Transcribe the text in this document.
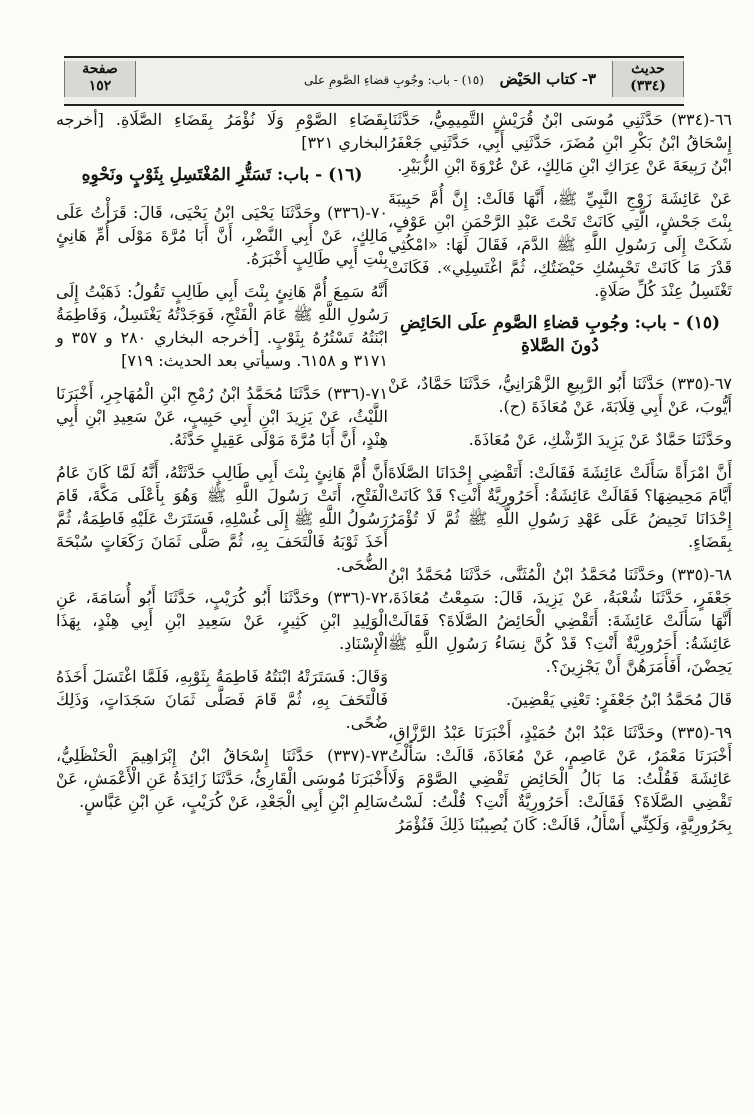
حديث
(٣٣٤)
٣- كتاب الحَيْض   (١٥) - باب: وجُوبِ قضاءِ الصَّومِ على
صفحة
١٥٢

٦٦-(٣٣٤) حَدَّثَنِي مُوسَى ابْنُ قُرَيْشٍ التَّمِيمِيُّ، حَدَّثَنَا إِسْحَاقُ ابْنُ بَكْرِ ابْنِ مُضَرَ، حَدَّثَنِي أَبِي، حَدَّثَنِي جَعْفَرُ ابْنُ رَبِيعَةَ عَنْ عِرَاكِ ابْنِ مَالِكٍ، عَنْ عُرْوَةَ ابْنِ الزُّبَيْرِ.

عَنْ عَائِشَةَ زَوْجِ النَّبِيِّ ﷺ، أَنَّهَا قَالَتْ: إِنَّ أُمَّ حَبِيبَةَ بِنْتَ جَحْشٍ، الَّتِي كَانَتْ تَحْتَ عَبْدِ الرَّحْمَنِ ابْنِ عَوْفٍ، شَكَتْ إِلَى رَسُولِ اللَّهِ ﷺ الدَّمَ، فَقَالَ لَهَا: «امْكُثِي قَدْرَ مَا كَانَتْ تَحْبِسُكِ حَيْضَتُكِ، ثُمَّ اغْتَسِلِي». فَكَانَتْ تَغْتَسِلُ عِنْدَ كُلِّ صَلَاةٍ.

(١٥) - باب: وجُوبِ قضاءِ الصَّومِ علَى الحَائِضِ دُونَ الصَّلاةِ

٦٧-(٣٣٥) حَدَّثَنَا أَبُو الرَّبِيعِ الزَّهْرَانِيُّ، حَدَّثَنَا حَمَّادٌ، عَنْ أَيُّوبَ، عَنْ أَبِي قِلَابَةَ، عَنْ مُعَاذَةَ (ح).

وحَدَّثَنَا حَمَّادٌ عَنْ يَزِيدَ الرِّشْكِ، عَنْ مُعَاذَةَ.

أَنَّ امْرَأَةً سَأَلَتْ عَائِشَةَ فَقَالَتْ: أَتَقْضِي إِحْدَانَا الصَّلَاةَ أَيَّامَ مَحِيضِهَا؟ فَقَالَتْ عَائِشَةُ: أَحَرُورِيَّةٌ أَنْتِ؟ قَدْ كَانَتْ إِحْدَانَا تَحِيضُ عَلَى عَهْدِ رَسُولِ اللَّهِ ﷺ ثُمَّ لَا تُؤْمَرُ بِقَضَاءٍ.

٦٨-(٣٣٥) وحَدَّثَنَا مُحَمَّدُ ابْنُ الْمُثَنَّى، حَدَّثَنَا مُحَمَّدُ ابْنُ جَعْفَرٍ، حَدَّثَنَا شُعْبَةُ، عَنْ يَزِيدَ، قَالَ: سَمِعْتُ مُعَاذَةَ، أَنَّهَا سَأَلَتْ عَائِشَةَ: أَتَقْضِي الْحَائِضُ الصَّلَاةَ؟ فَقَالَتْ عَائِشَةُ: أَحَرُورِيَّةٌ أَنْتِ؟ قَدْ كُنَّ نِسَاءُ رَسُولِ اللَّهِ ﷺ يَحِضْنَ، أَفَأَمَرَهُنَّ أَنْ يَجْزِينَ؟.

قَالَ مُحَمَّدُ ابْنُ جَعْفَرٍ: تَعْنِي يَقْضِينَ.

٦٩-(٣٣٥) وحَدَّثَنَا عَبْدُ ابْنُ حُمَيْدٍ، أَخْبَرَنَا عَبْدُ الرَّزَّاقِ، أَخْبَرَنَا مَعْمَرٌ، عَنْ عَاصِمٍ، عَنْ مُعَاذَةَ، قَالَتْ: سَأَلْتُ عَائِشَةَ فَقُلْتُ: مَا بَالُ الْحَائِضِ تَقْضِي الصَّوْمَ وَلَا تَقْضِي الصَّلَاةَ؟ فَقَالَتْ: أَحَرُورِيَّةٌ أَنْتِ؟ قُلْتُ: لَسْتُ بِحَرُورِيَّةٍ، وَلَكِنِّي أَسْأَلُ، قَالَتْ: كَانَ يُصِيبُنَا ذَلِكَ فَنُؤْمَرُ

بِقَضَاءِ الصَّوْمِ وَلَا نُؤْمَرُ بِقَضَاءِ الصَّلَاةِ. [أخرجه البخاري ٣٢١]

(١٦) - باب: تَسَتُّرِ المُغْتَسِلِ بِثَوْبٍ ونَحْوِهِ

٧٠-(٣٣٦) وحَدَّثَنَا يَحْيَى ابْنُ يَحْيَى، قَالَ: قَرَأْتُ عَلَى مَالِكٍ، عَنْ أَبِي النَّضْرِ، أَنَّ أَبَا مُرَّةَ مَوْلَى أُمِّ هَانِئٍ بِنْتِ أَبِي طَالِبٍ أَخْبَرَهُ.

أَنَّهُ سَمِعَ أُمَّ هَانِئٍ بِنْتَ أَبِي طَالِبٍ تَقُولُ: ذَهَبْتُ إِلَى رَسُولِ اللَّهِ ﷺ عَامَ الْفَتْحِ، فَوَجَدْتُهُ يَغْتَسِلُ، وَفَاطِمَةُ ابْنَتُهُ تَسْتُرُهُ بِثَوْبٍ. [أخرجه البخاري ٢٨٠ و ٣٥٧ و ٣١٧١ و ٦١٥٨. وسيأتي بعد الحديث: ٧١٩]

٧١-(٣٣٦) حَدَّثَنَا مُحَمَّدُ ابْنُ رُمْحِ ابْنِ الْمُهَاجِرِ، أَخْبَرَنَا اللَّيْثُ، عَنْ يَزِيدَ ابْنِ أَبِي حَبِيبٍ، عَنْ سَعِيدِ ابْنِ أَبِي هِنْدٍ، أَنَّ أَبَا مُرَّةَ مَوْلَى عَقِيلٍ حَدَّثَهُ.

أَنَّ أُمَّ هَانِئٍ بِنْتَ أَبِي طَالِبٍ حَدَّثَتْهُ، أَنَّهُ لَمَّا كَانَ عَامُ الْفَتْحِ، أَتَتْ رَسُولَ اللَّهِ ﷺ وَهُوَ بِأَعْلَى مَكَّةَ، قَامَ رَسُولُ اللَّهِ ﷺ إِلَى غُسْلِهِ، فَسَتَرَتْ عَلَيْهِ فَاطِمَةُ، ثُمَّ أَخَذَ ثَوْبَهُ فَالْتَحَفَ بِهِ، ثُمَّ صَلَّى ثَمَانَ رَكَعَاتٍ سُبْحَةَ الضُّحَى.

٧٢-(٣٣٦) وحَدَّثَنَا أَبُو كُرَيْبٍ، حَدَّثَنَا أَبُو أُسَامَةَ، عَنِ الْوَلِيدِ ابْنِ كَثِيرٍ، عَنْ سَعِيدِ ابْنِ أَبِي هِنْدٍ، بِهَذَا الْإِسْنَادِ.

وَقَالَ: فَسَتَرَتْهُ ابْنَتُهُ فَاطِمَةُ بِثَوْبِهِ، فَلَمَّا اغْتَسَلَ أَخَذَهُ فَالْتَحَفَ بِهِ، ثُمَّ قَامَ فَصَلَّى ثَمَانَ سَجَدَاتٍ، وَذَلِكَ ضُحًى.

٧٣-(٣٣٧) حَدَّثَنَا إِسْحَاقُ ابْنُ إِبْرَاهِيمَ الْحَنْظَلِيُّ، أَخْبَرَنَا مُوسَى الْقَارِئُ، حَدَّثَنَا زَائِدَةُ عَنِ الْأَعْمَشِ، عَنْ سَالِمِ ابْنِ أَبِي الْجَعْدِ، عَنْ كُرَيْبٍ، عَنِ ابْنِ عَبَّاسٍ.
